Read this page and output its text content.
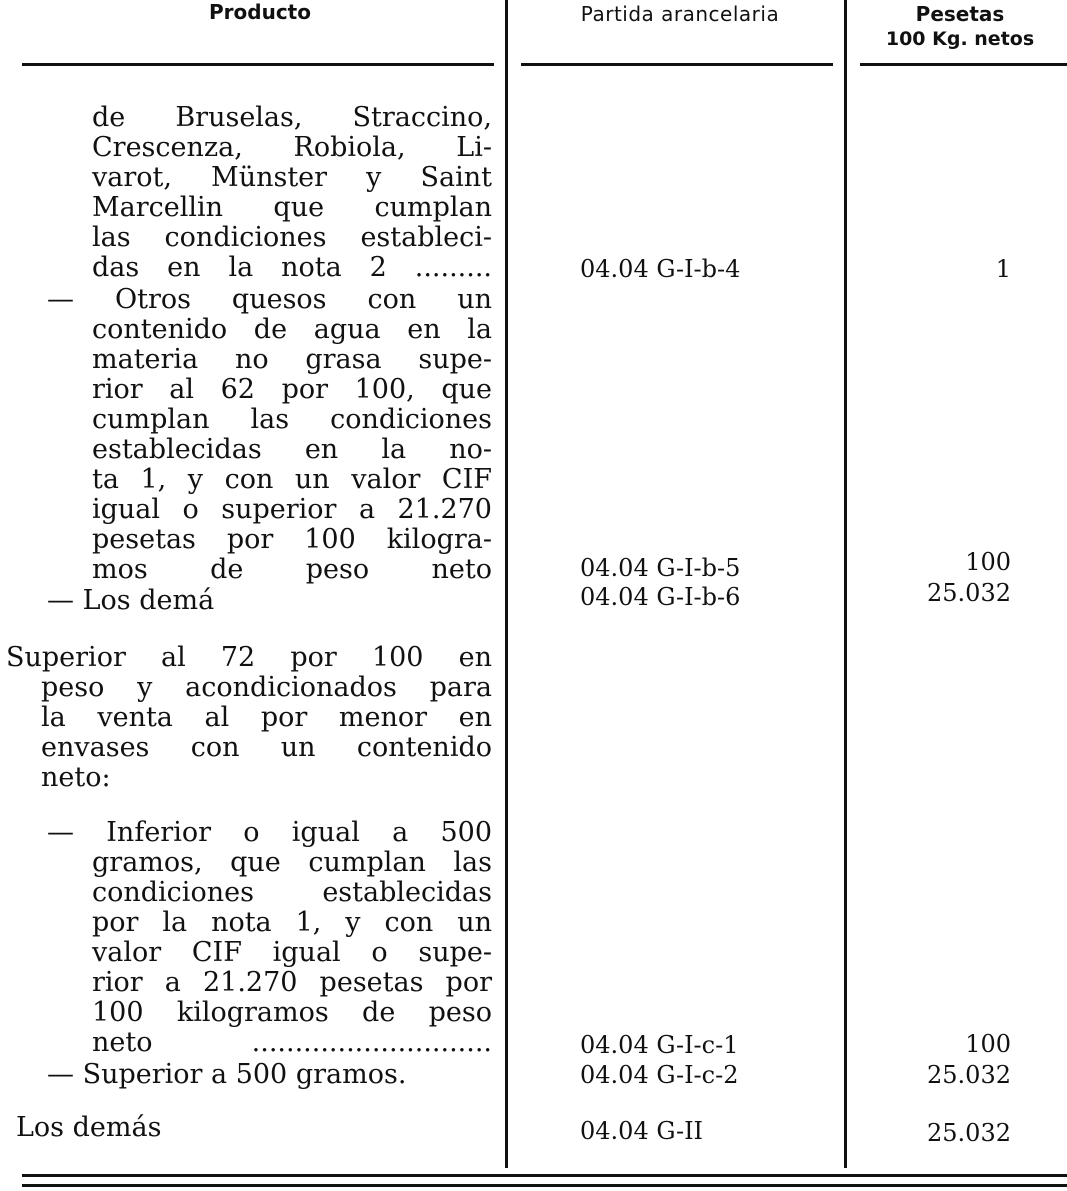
Producto	Partida arancelaria	Pesetas
100 Kg. netos
de Bruselas, Straccino,
Crescenza, Robiola, Li-
varot, Münster y Saint
Marcellin que cumplan
las condiciones estableci-
das en la nota 2 .........	04.04 G-I-b-4	1
— Otros quesos con un
contenido de agua en la
materia no grasa supe-
rior al 62 por 100, que
cumplan las condiciones
establecidas en la no-
ta 1, y con un valor CIF
igual o superior a 21.270
pesetas por 100 kilogra-
mos de peso neto	04.04 G-I-b-5	100
— Los demá	04.04 G-I-b-6	25.032
Superior al 72 por 100 en
peso y acondicionados para
la venta al por menor en
envases con un contenido
neto:
— Inferior o igual a 500
gramos, que cumplan las
condiciones establecidas
por la nota 1, y con un
valor CIF igual o supe-
rior a 21.270 pesetas por
100 kilogramos de peso
neto ............................	04.04 G-I-c-1	100
— Superior a 500 gramos.	04.04 G-I-c-2	25.032
Los demás	04.04 G-II	25.032
